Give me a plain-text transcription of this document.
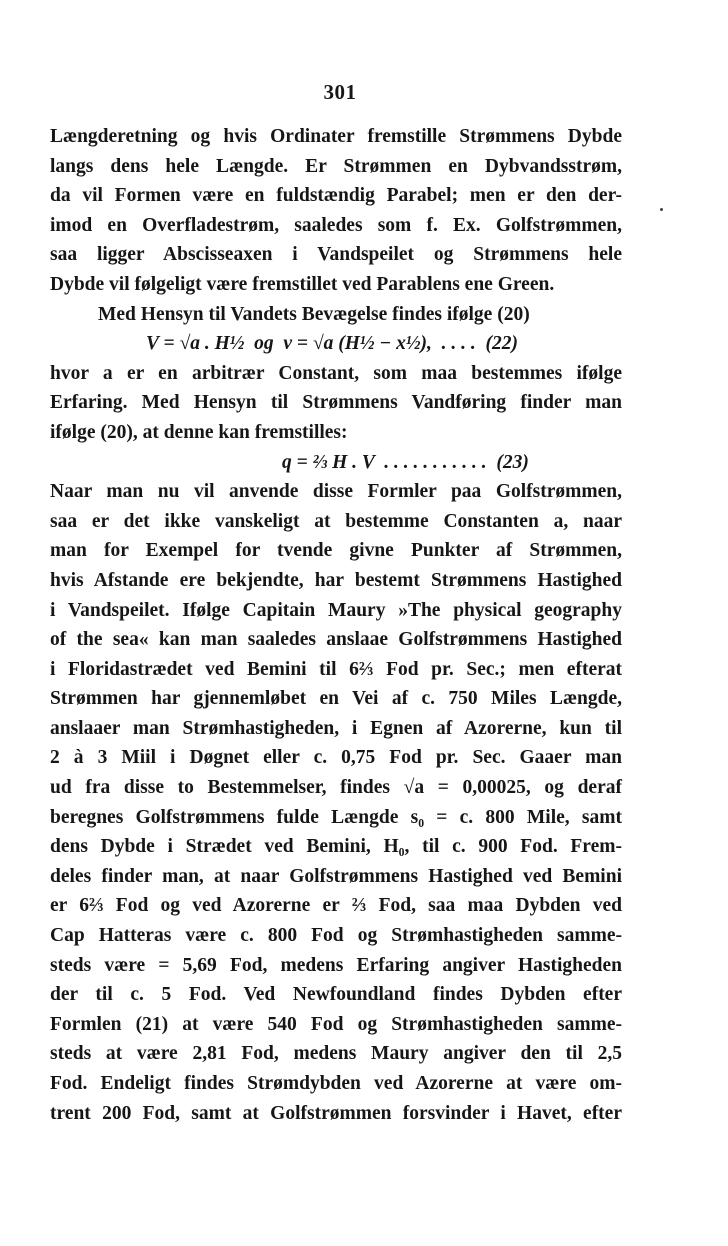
301
Længderetning og hvis Ordinater fremstille Strømmens Dybde
langs dens hele Længde. Er Strømmen en Dybvandsstrøm,
da vil Formen være en fuldstændig Parabel; men er den der-
imod en Overfladestrøm, saaledes som f. Ex. Golfstrømmen,
saa ligger Abscisseaxen i Vandspeilet og Strømmens hele
Dybde vil følgeligt være fremstillet ved Parablens ene Green.
Med Hensyn til Vandets Bevægelse findes ifølge (20)
V = √a . H½  og  v = √a (H½ − x½),  . . . .  (22)
hvor a er en arbitrær Constant, som maa bestemmes ifølge
Erfaring. Med Hensyn til Strømmens Vandføring finder man
ifølge (20), at denne kan fremstilles:
q = ⅔ H . V  . . . . . . . . . . .  (23)
Naar man nu vil anvende disse Formler paa Golfstrømmen,
saa er det ikke vanskeligt at bestemme Constanten a, naar
man for Exempel for tvende givne Punkter af Strømmen,
hvis Afstande ere bekjendte, har bestemt Strømmens Hastighed
i Vandspeilet. Ifølge Capitain Maury »The physical geography
of the sea« kan man saaledes anslaae Golfstrømmens Hastighed
i Floridastrædet ved Bemini til 6⅔ Fod pr. Sec.; men efterat
Strømmen har gjennemløbet en Vei af c. 750 Miles Længde,
anslaaer man Strømhastigheden, i Egnen af Azorerne, kun til
2 à 3 Miil i Døgnet eller c. 0,75 Fod pr. Sec. Gaaer man
ud fra disse to Bestemmelser, findes √a = 0,00025, og deraf
beregnes Golfstrømmens fulde Længde s₀ = c. 800 Mile, samt
dens Dybde i Strædet ved Bemini, H₀, til c. 900 Fod. Frem-
deles finder man, at naar Golfstrømmens Hastighed ved Bemini
er 6⅔ Fod og ved Azorerne er ⅔ Fod, saa maa Dybden ved
Cap Hatteras være c. 800 Fod og Strømhastigheden samme-
steds være = 5,69 Fod, medens Erfaring angiver Hastigheden
der til c. 5 Fod. Ved Newfoundland findes Dybden efter
Formlen (21) at være 540 Fod og Strømhastigheden samme-
steds at være 2,81 Fod, medens Maury angiver den til 2,5
Fod. Endeligt findes Strømdybden ved Azorerne at være om-
trent 200 Fod, samt at Golfstrømmen forsvinder i Havet, efter
